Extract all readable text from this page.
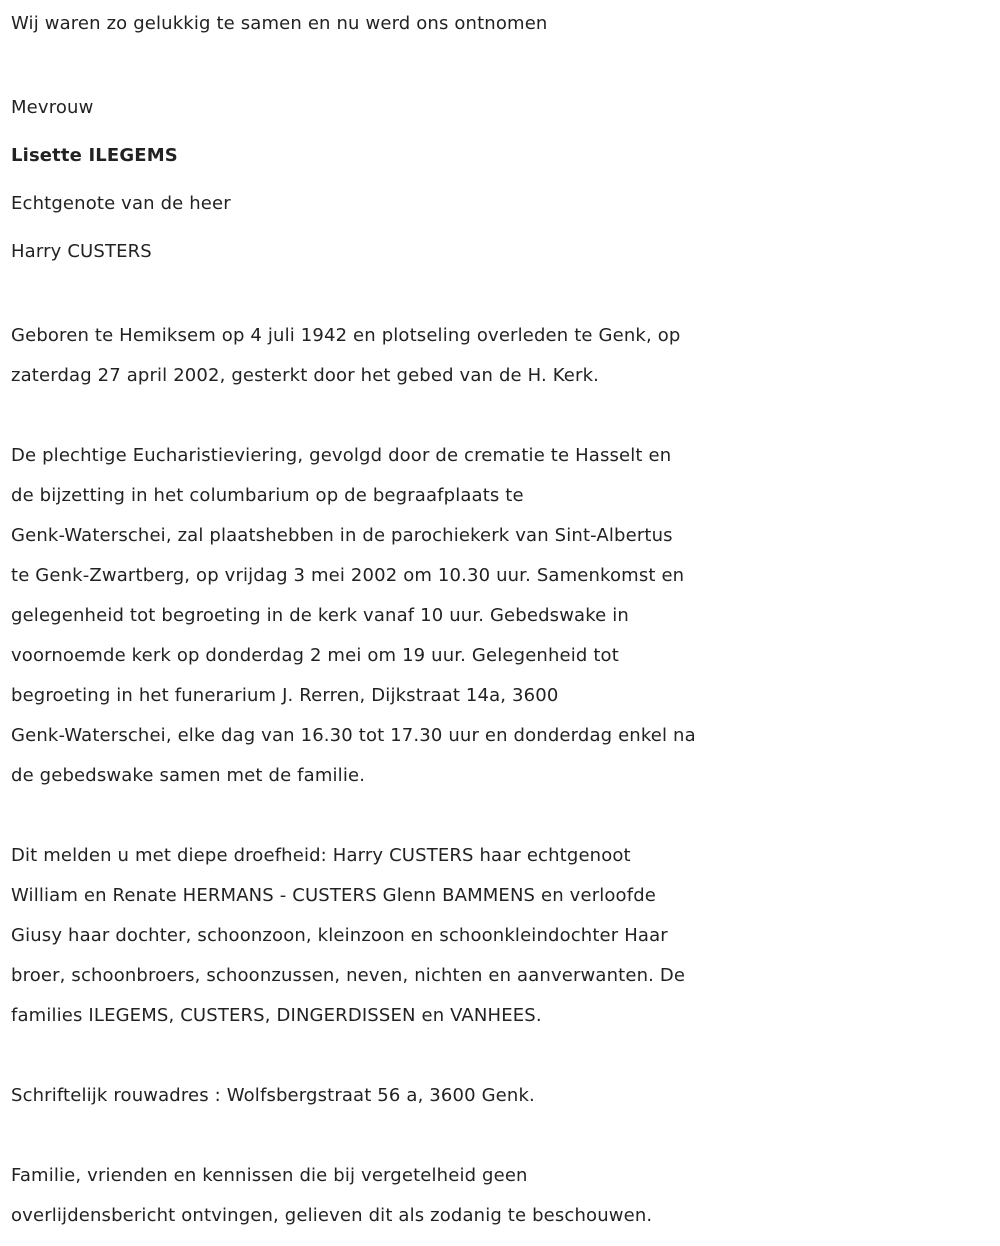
Wij waren zo gelukkig te samen en nu werd ons ontnomen

Mevrouw

Lisette ILEGEMS

Echtgenote van de heer

Harry CUSTERS

Geboren te Hemiksem op 4 juli 1942 en plotseling overleden te Genk, op

zaterdag 27 april 2002, gesterkt door het gebed van de H. Kerk.

De plechtige Eucharistieviering, gevolgd door de crematie te Hasselt en

de bijzetting in het columbarium op de begraafplaats te

Genk-Waterschei, zal plaatshebben in de parochiekerk van Sint-Albertus

te Genk-Zwartberg, op vrijdag 3 mei 2002 om 10.30 uur. Samenkomst en

gelegenheid tot begroeting in de kerk vanaf 10 uur. Gebedswake in

voornoemde kerk op donderdag 2 mei om 19 uur. Gelegenheid tot

begroeting in het funerarium J. Rerren, Dijkstraat 14a, 3600

Genk-Waterschei, elke dag van 16.30 tot 17.30 uur en donderdag enkel na

de gebedswake samen met de familie.

Dit melden u met diepe droefheid: Harry CUSTERS haar echtgenoot

William en Renate HERMANS - CUSTERS Glenn BAMMENS en verloofde

Giusy haar dochter, schoonzoon, kleinzoon en schoonkleindochter Haar

broer, schoonbroers, schoonzussen, neven, nichten en aanverwanten. De

families ILEGEMS, CUSTERS, DINGERDISSEN en VANHEES.

Schriftelijk rouwadres : Wolfsbergstraat 56 a, 3600 Genk.

Familie, vrienden en kennissen die bij vergetelheid geen

overlijdensbericht ontvingen, gelieven dit als zodanig te beschouwen.
